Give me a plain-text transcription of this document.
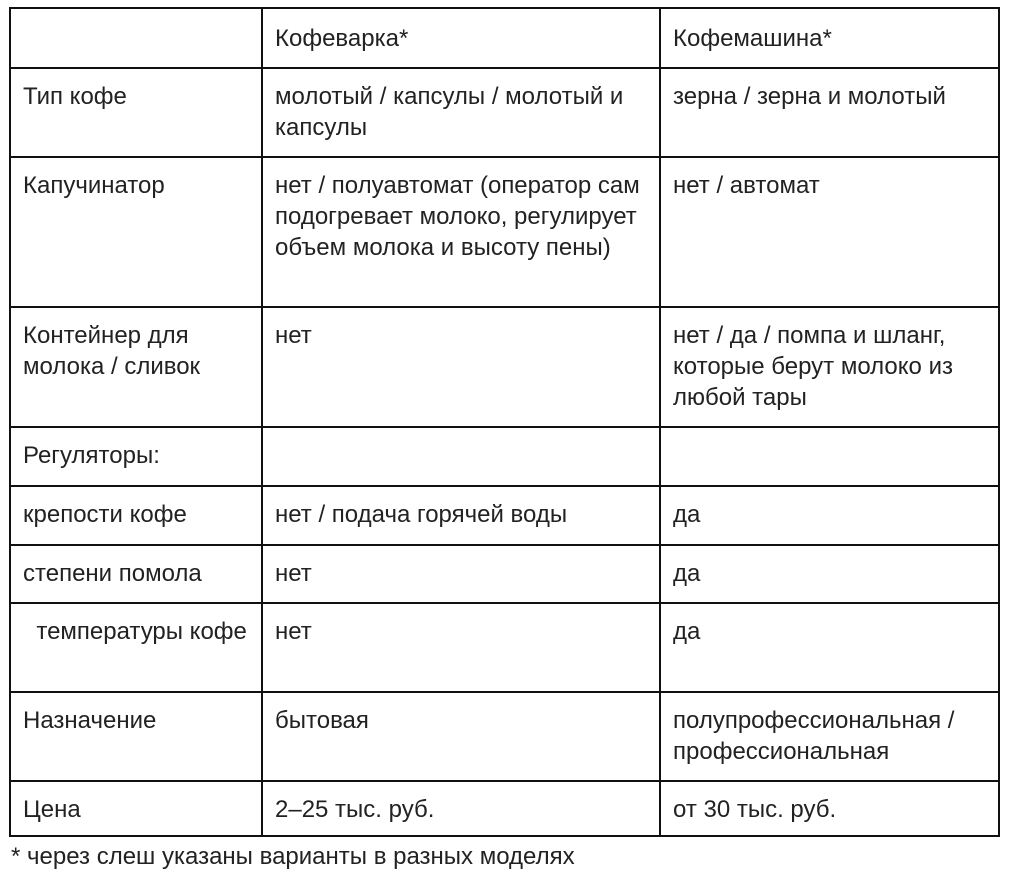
	Кофеварка*	Кофемашина*
Тип кофе	молотый / капсулы / молотый и капсулы	зерна / зерна и молотый
Капучинатор	нет / полуавтомат (оператор сам подогревает молоко, регулирует объем молока и высоту пены)	нет / автомат
Контейнер для молока / сливок	нет	нет / да / помпа и шланг, которые берут молоко из любой тары
Регуляторы:		
крепости кофе	нет / подача горячей воды	да
степени помола	нет	да
температуры кофе	нет	да
Назначение	бытовая	полупрофессиональная / профессиональная
Цена	2–25 тыс. руб.	от 30 тыс. руб.
* через слеш указаны варианты в разных моделях
